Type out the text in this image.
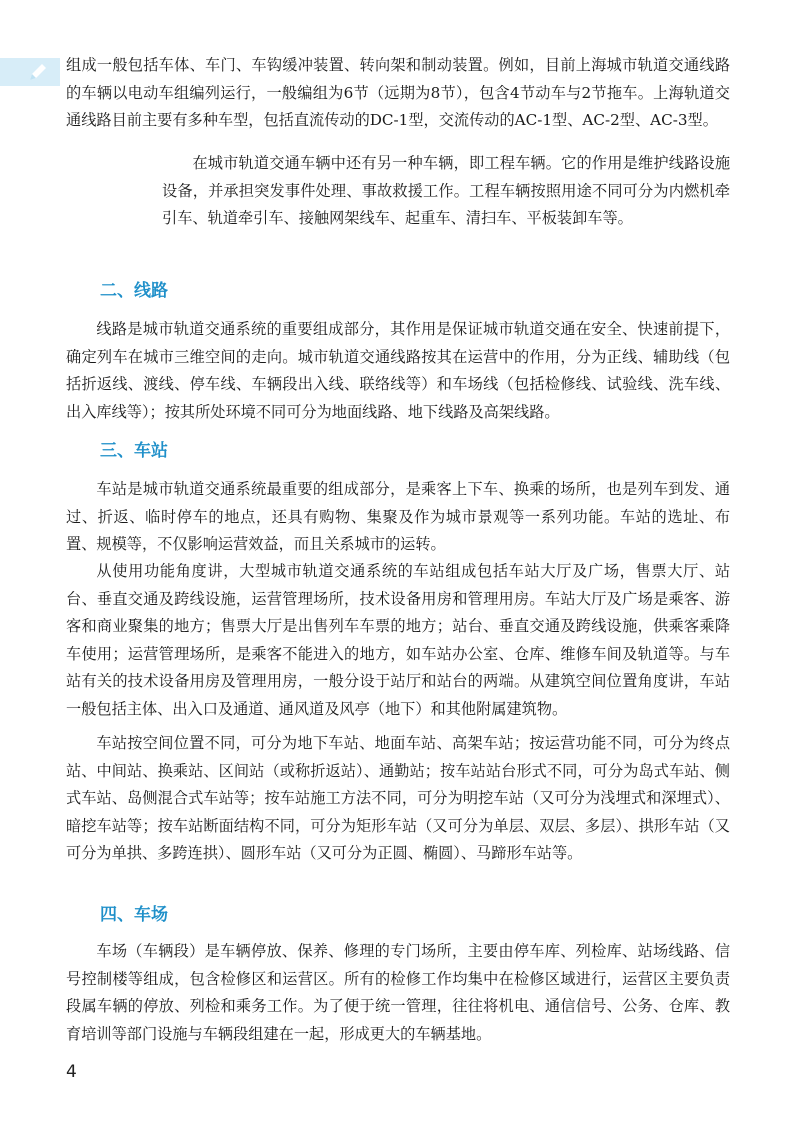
组成一般包括车体、车门、车钩缓冲装置、转向架和制动装置。例如，目前上海城市轨道交通线路的车辆以电动车组编列运行，一般编组为6节（远期为8节），包含4节动车与2节拖车。上海轨道交通线路目前主要有多种车型，包括直流传动的DC-1型，交流传动的AC-1型、AC-2型、AC-3型。

在城市轨道交通车辆中还有另一种车辆，即工程车辆。它的作用是维护线路设施设备，并承担突发事件处理、事故救援工作。工程车辆按照用途不同可分为内燃机牵引车、轨道牵引车、接触网架线车、起重车、清扫车、平板装卸车等。

二、线路

线路是城市轨道交通系统的重要组成部分，其作用是保证城市轨道交通在安全、快速前提下，确定列车在城市三维空间的走向。城市轨道交通线路按其在运营中的作用，分为正线、辅助线（包括折返线、渡线、停车线、车辆段出入线、联络线等）和车场线（包括检修线、试验线、洗车线、出入库线等）；按其所处环境不同可分为地面线路、地下线路及高架线路。

三、车站

车站是城市轨道交通系统最重要的组成部分，是乘客上下车、换乘的场所，也是列车到发、通过、折返、临时停车的地点，还具有购物、集聚及作为城市景观等一系列功能。车站的选址、布置、规模等，不仅影响运营效益，而且关系城市的运转。

从使用功能角度讲，大型城市轨道交通系统的车站组成包括车站大厅及广场，售票大厅、站台、垂直交通及跨线设施，运营管理场所，技术设备用房和管理用房。车站大厅及广场是乘客、游客和商业聚集的地方；售票大厅是出售列车车票的地方；站台、垂直交通及跨线设施，供乘客乘降车使用；运营管理场所，是乘客不能进入的地方，如车站办公室、仓库、维修车间及轨道等。与车站有关的技术设备用房及管理用房，一般分设于站厅和站台的两端。从建筑空间位置角度讲，车站一般包括主体、出入口及通道、通风道及风亭（地下）和其他附属建筑物。

车站按空间位置不同，可分为地下车站、地面车站、高架车站；按运营功能不同，可分为终点站、中间站、换乘站、区间站（或称折返站）、通勤站；按车站站台形式不同，可分为岛式车站、侧式车站、岛侧混合式车站等；按车站施工方法不同，可分为明挖车站（又可分为浅埋式和深埋式）、暗挖车站等；按车站断面结构不同，可分为矩形车站（又可分为单层、双层、多层）、拱形车站（又可分为单拱、多跨连拱）、圆形车站（又可分为正圆、椭圆）、马蹄形车站等。

四、车场

车场（车辆段）是车辆停放、保养、修理的专门场所，主要由停车库、列检库、站场线路、信号控制楼等组成，包含检修区和运营区。所有的检修工作均集中在检修区域进行，运营区主要负责段属车辆的停放、列检和乘务工作。为了便于统一管理，往往将机电、通信信号、公务、仓库、教育培训等部门设施与车辆段组建在一起，形成更大的车辆基地。

4
